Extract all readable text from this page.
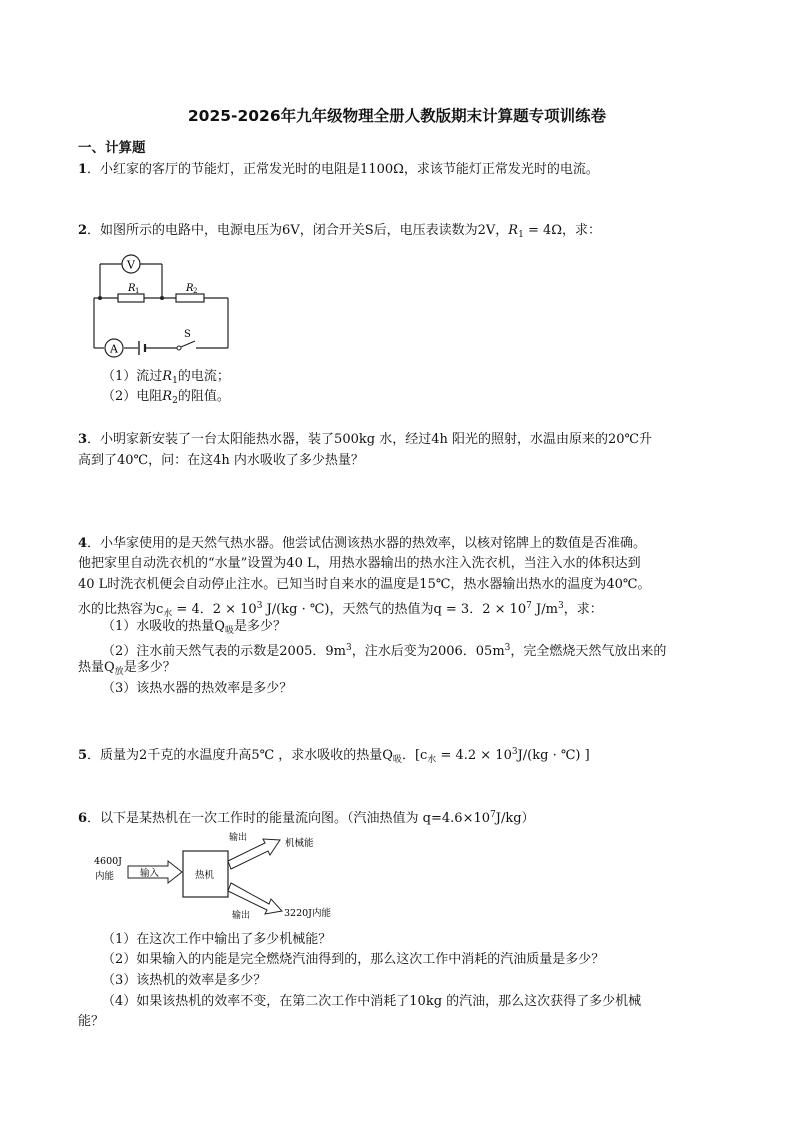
2025-2026年九年级物理全册人教版期末计算题专项训练卷
一、计算题
1．小红家的客厅的节能灯，正常发光时的电阻是1100Ω，求该节能灯正常发光时的电流。
2．如图所示的电路中，电源电压为6V，闭合开关S后，电压表读数为2V，$R_1 = 4\Omega$，求：
V
A
R 1	R 2
S
（1）流过$R_1$的电流；
（2）电阻$R_2$的阻值。
3．小明家新安装了一台太阳能热水器，装了500kg 水，经过4h 阳光的照射，水温由原来的20℃升
高到了40℃，问：在这4h 内水吸收了多少热量？
4．小华家使用的是天然气热水器。他尝试估测该热水器的热效率，以核对铭牌上的数值是否准确。
他把家里自动洗衣机的“水量”设置为40 L，用热水器输出的热水注入洗衣机，当注入水的体积达到
40 L时洗衣机便会自动停止注水。已知当时自来水的温度是15℃，热水器输出热水的温度为40℃。
水的比热容为$c_水 = 4$．$2 \times 10^3$ J/(kg · ℃)，天然气的热值为q = 3．$2 \times 10^7$ $J/m^3$，求：
（1）水吸收的热量$Q_吸$是多少？
（2）注水前天然气表的示数是2005．$9m^3$，注水后变为2006．$05m^3$，完全燃烧天然气放出来的
热量$Q_放$是多少？
（3）该热水器的热效率是多少？
5．质量为2千克的水温度升高5℃ ，求水吸收的热量$Q_吸$．[$c_水 = 4.2 \times 10^3J/(kg$ · ℃) ]
6．以下是某热机在一次工作时的能量流向图。（汽油热值为 $q=4.6\times 10^7J/kg$）
4600J
内能	输入	热机
输出	机械能
输出	3220J内能
（1）在这次工作中输出了多少机械能？
（2）如果输入的内能是完全燃烧汽油得到的，那么这次工作中消耗的汽油质量是多少？
（3）该热机的效率是多少？
（4）如果该热机的效率不变，在第二次工作中消耗了10kg 的汽油，那么这次获得了多少机械
能？
